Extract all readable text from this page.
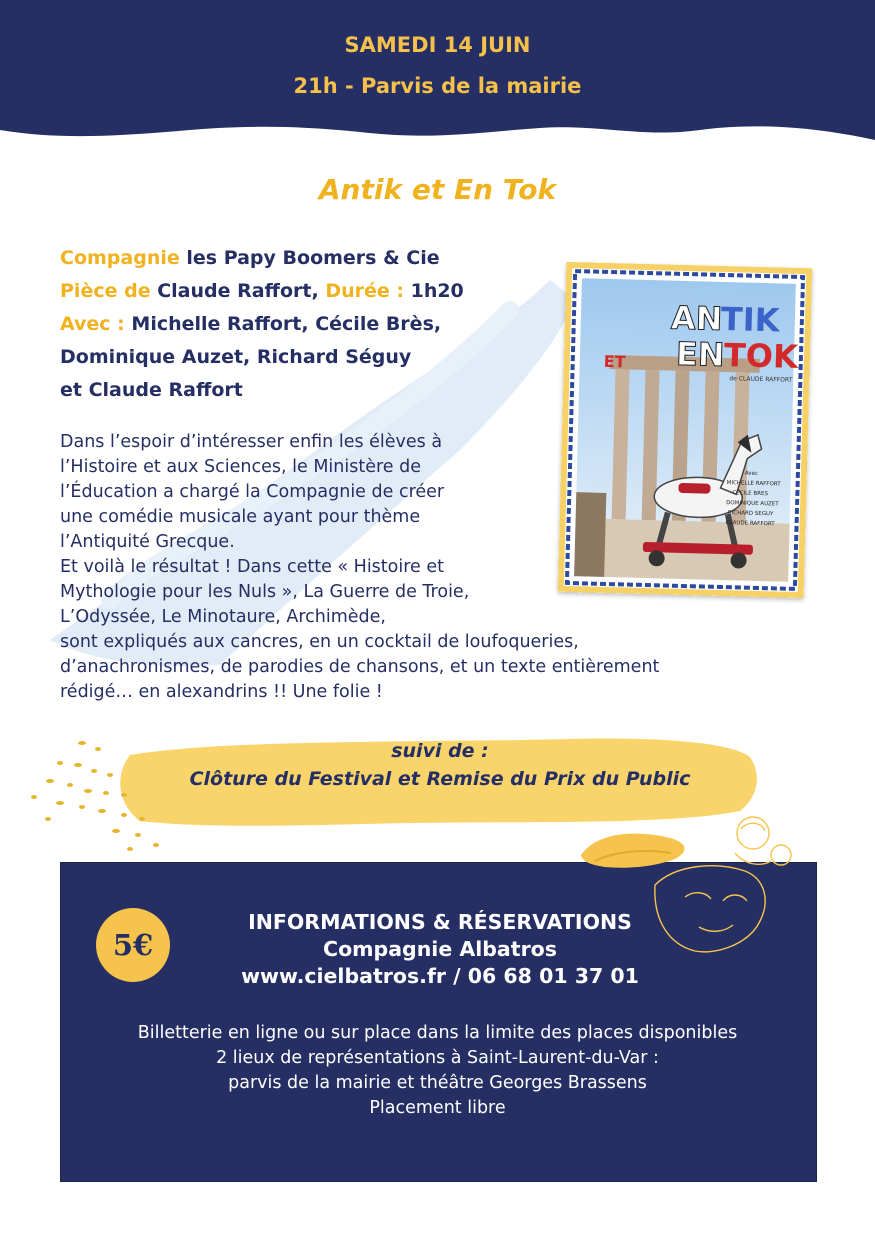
SAMEDI 14 JUIN
21h - Parvis de la mairie
Antik et En Tok
Compagnie les Papy Boomers & Cie
Pièce de Claude Raffort, Durée : 1h20
Avec : Michelle Raffort, Cécile Brès,
Dominique Auzet, Richard Séguy
et Claude Raffort
AN
TIK
ET EN
TOK
de CLAUDE RAFFORT
Avec
MICHELLE RAFFORT
CECILE BRES
DOMINIQUE AUZET
RICHARD SEGUY
CLAUDE RAFFORT
Dans l’espoir d’intéresser enfin les élèves à
l’Histoire et aux Sciences, le Ministère de
l’Éducation a chargé la Compagnie de créer
une comédie musicale ayant pour thème
l’Antiquité Grecque.
Et voilà le résultat ! Dans cette « Histoire et
Mythologie pour les Nuls », La Guerre de Troie,
L’Odyssée, Le Minotaure, Archimède,
sont expliqués aux cancres, en un cocktail de loufoqueries,
d’anachronismes, de parodies de chansons, et un texte entièrement
rédigé… en alexandrins !! Une folie !
suivi de :
Clôture du Festival et Remise du Prix du Public
5€
INFORMATIONS & RÉSERVATIONS
Compagnie Albatros
www.cielbatros.fr / 06 68 01 37 01
Billetterie en ligne ou sur place dans la limite des places disponibles
2 lieux de représentations à Saint-Laurent-du-Var :
parvis de la mairie et théâtre Georges Brassens
Placement libre
